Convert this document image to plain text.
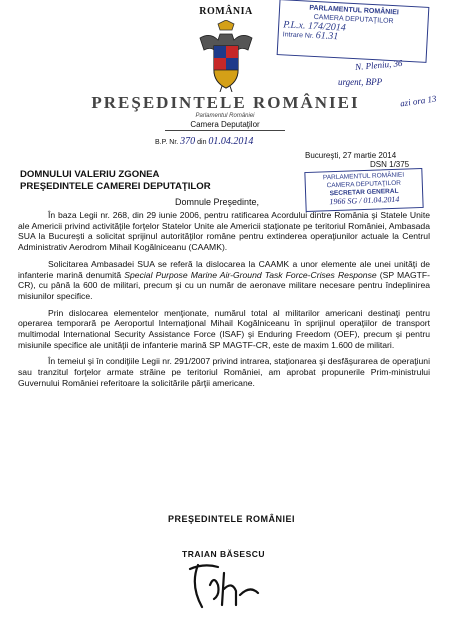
ROMÂNIA
PREŞEDINTELE ROMÂNIEI
Parlamentul României
Camera Deputaţilor
B.P. Nr. 370 din 01.04.2014
PARLAMENTUL ROMÂNIEI
CAMERA DEPUTAŢILOR
P.L.x. 174/2014
Intrare Nr. 61.31
N. Pleniu, 36
urgent, BPP
azi ora 13
Bucureşti, 27 martie 2014
DSN 1/375
DOMNULUI VALERIU ZGONEA
PREŞEDINTELE CAMEREI DEPUTAŢILOR
PARLAMENTUL ROMÂNIEI
CAMERA DEPUTAŢILOR
SECRETAR GENERAL
1966 SG / 01.04.2014
Domnule Preşedinte,

În baza Legii nr. 268, din 29 iunie 2006, pentru ratificarea Acordului dintre România şi Statele Unite ale Americii privind activităţile forţelor Statelor Unite ale Americii staţionate pe teritoriul României, Ambasada SUA la Bucureşti a solicitat sprijinul autorităţilor române pentru extinderea operaţiunilor actuale la Centrul Administrativ Aerodrom Mihail Kogălniceanu (CAAMK).

Solicitarea Ambasadei SUA se referă la dislocarea la CAAMK a unor elemente ale unei unităţi de infanterie marină denumită Special Purpose Marine Air-Ground Task Force-Crises Response (SP MAGTF-CR), cu până la 600 de militari, precum şi cu un număr de aeronave militare necesare pentru îndeplinirea misiunilor specifice.

Prin dislocarea elementelor menţionate, numărul total al militarilor americani destinaţi pentru operarea temporară pe Aeroportul Internaţional Mihail Kogălniceanu în sprijinul operaţiilor de transport multimodal International Security Assistance Force (ISAF) şi Enduring Freedom (OEF), precum şi pentru misiunile specifice ale unităţii de infanterie marină SP MAGTF-CR, este de maxim 1.600 de militari.

În temeiul şi în condiţiile Legii nr. 291/2007 privind intrarea, staţionarea şi desfăşurarea de operaţiuni sau tranzitul forţelor armate străine pe teritoriul României, am aprobat propunerile Prim-ministrului Guvernului României referitoare la solicitările părţii americane.

PREŞEDINTELE ROMÂNIEI
TRAIAN BĂSESCU
